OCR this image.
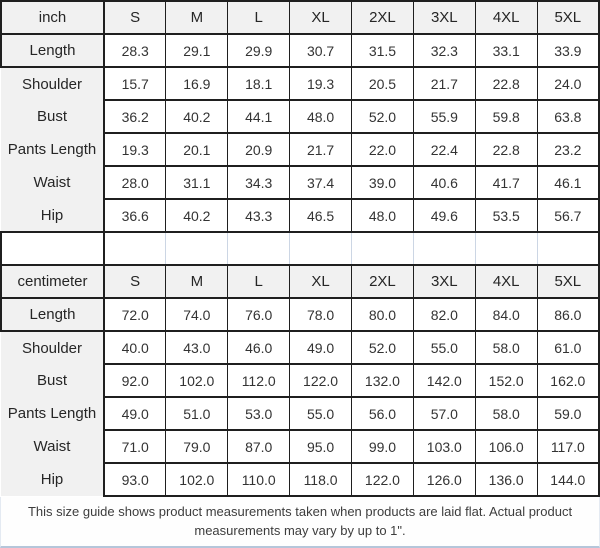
inch	S	M	L	XL	2XL	3XL	4XL	5XL
Length	28.3	29.1	29.9	30.7	31.5	32.3	33.1	33.9
Shoulder	15.7	16.9	18.1	19.3	20.5	21.7	22.8	24.0
Bust	36.2	40.2	44.1	48.0	52.0	55.9	59.8	63.8
Pants Length	19.3	20.1	20.9	21.7	22.0	22.4	22.8	23.2
Waist	28.0	31.1	34.3	37.4	39.0	40.6	41.7	46.1
Hip	36.6	40.2	43.3	46.5	48.0	49.6	53.5	56.7

centimeter	S	M	L	XL	2XL	3XL	4XL	5XL
Length	72.0	74.0	76.0	78.0	80.0	82.0	84.0	86.0
Shoulder	40.0	43.0	46.0	49.0	52.0	55.0	58.0	61.0
Bust	92.0	102.0	112.0	122.0	132.0	142.0	152.0	162.0
Pants Length	49.0	51.0	53.0	55.0	56.0	57.0	58.0	59.0
Waist	71.0	79.0	87.0	95.0	99.0	103.0	106.0	117.0
Hip	93.0	102.0	110.0	118.0	122.0	126.0	136.0	144.0

This size guide shows product measurements taken when products are laid flat. Actual product measurements may vary by up to 1".
